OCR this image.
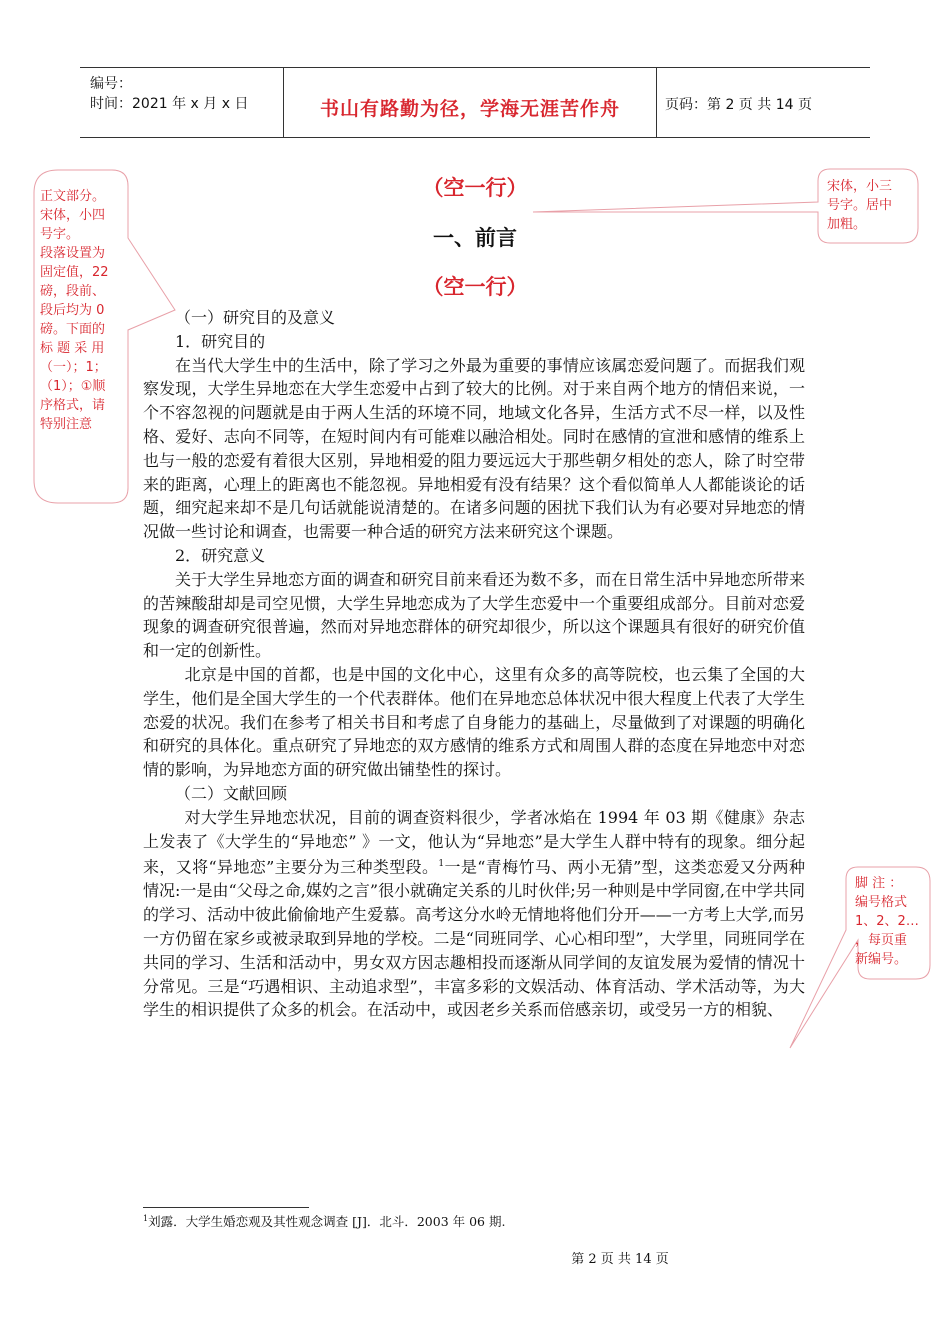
编号：
时间：2021 年 x 月 x 日	书山有路勤为径，学海无涯苦作舟	页码：第 2 页 共 14 页
（空一行）
一、前言
（空一行）

（一）研究目的及意义

1．研究目的

在当代大学生中的生活中，除了学习之外最为重要的事情应该属恋爱问题了。而据我们观察发现，大学生异地恋在大学生恋爱中占到了较大的比例。对于来自两个地方的情侣来说，一个不容忽视的问题就是由于两人生活的环境不同，地域文化各异，生活方式不尽一样，以及性格、爱好、志向不同等，在短时间内有可能难以融洽相处。同时在感情的宣泄和感情的维系上也与一般的恋爱有着很大区别，异地相爱的阻力要远远大于那些朝夕相处的恋人，除了时空带来的距离，心理上的距离也不能忽视。异地相爱有没有结果？这个看似简单人人都能谈论的话题，细究起来却不是几句话就能说清楚的。在诸多问题的困扰下我们认为有必要对异地恋的情况做一些讨论和调查，也需要一种合适的研究方法来研究这个课题。

2．研究意义

关于大学生异地恋方面的调查和研究目前来看还为数不多，而在日常生活中异地恋所带来的苦辣酸甜却是司空见惯，大学生异地恋成为了大学生恋爱中一个重要组成部分。目前对恋爱现象的调查研究很普遍，然而对异地恋群体的研究却很少，所以这个课题具有很好的研究价值和一定的创新性。

北京是中国的首都，也是中国的文化中心，这里有众多的高等院校，也云集了全国的大学生，他们是全国大学生的一个代表群体。他们在异地恋总体状况中很大程度上代表了大学生恋爱的状况。我们在参考了相关书目和考虑了自身能力的基础上，尽量做到了对课题的明确化和研究的具体化。重点研究了异地恋的双方感情的维系方式和周围人群的态度在异地恋中对恋情的影响，为异地恋方面的研究做出铺垫性的探讨。

（二）文献回顾

对大学生异地恋状况，目前的调查资料很少，学者冰焰在 1994 年 03 期《健康》杂志上发表了《大学生的“异地恋” 》一文，他认为“异地恋”是大学生人群中特有的现象。细分起来，又将“异地恋”主要分为三种类型段。$^1$一是“青梅竹马、两小无猜”型，这类恋爱又分两种情况:一是由“父母之命,媒妁之言”很小就确定关系的儿时伙伴;另一种则是中学同窗,在中学共同的学习、活动中彼此偷偷地产生爱慕。高考这分水岭无情地将他们分开——一方考上大学,而另一方仍留在家乡或被录取到异地的学校。二是“同班同学、心心相印型”，大学里，同班同学在共同的学习、生活和活动中，男女双方因志趣相投而逐渐从同学间的友谊发展为爱情的情况十分常见。三是“巧遇相识、主动追求型”，丰富多彩的文娱活动、体育活动、学术活动等，为大学生的相识提供了众多的机会。在活动中，或因老乡关系而倍感亲切，或受另一方的相貌、

$^1$刘露．大学生婚恋观及其性观念调查 [J]．北斗．2003 年 06 期.
第 2 页 共 14 页
正文部分。
宋体，小四
号字。
段落设置为
固定值，22
磅，段前、
段后均为 0
磅。下面的
标 题 采 用
（一）；1；
（1）；①顺
序格式，请
特别注意
宋体，小三
号字。居中
加粗。
脚 注 ：
编号格式
1、2、2…
，每页重
新编号。
